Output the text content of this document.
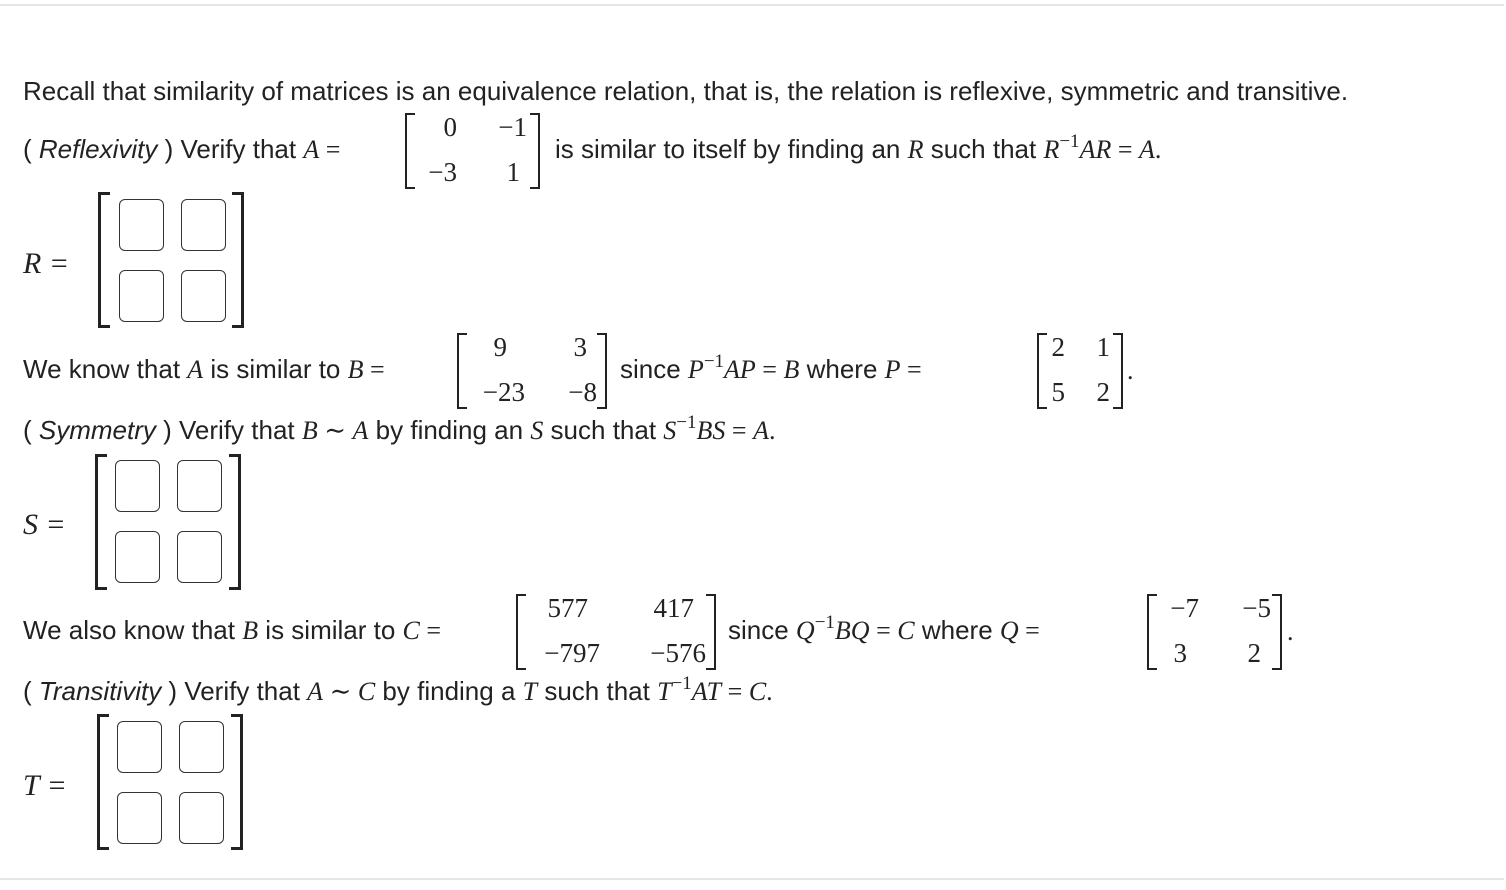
Recall that similarity of matrices is an equivalence relation, that is, the relation is reflexive, symmetric and transitive.
( Reflexivity ) Verify that A =
0	−1
−3	1
is similar to itself by finding an R such that $R^{-1}AR = A$.
R =
We know that A is similar to B =
9	3
−23	−8
since $P^{-1}AP = B$ where P =
2	1
5	2
.
( Symmetry ) Verify that B ∼ A by finding an S such that $S^{-1}BS = A$.
S =
We also know that B is similar to C =
577	417
−797	−576
since $Q^{-1}BQ = C$ where Q =
−7	−5
3	2
.
( Transitivity ) Verify that A ∼ C by finding a T such that $T^{-1}AT = C$.
T =
